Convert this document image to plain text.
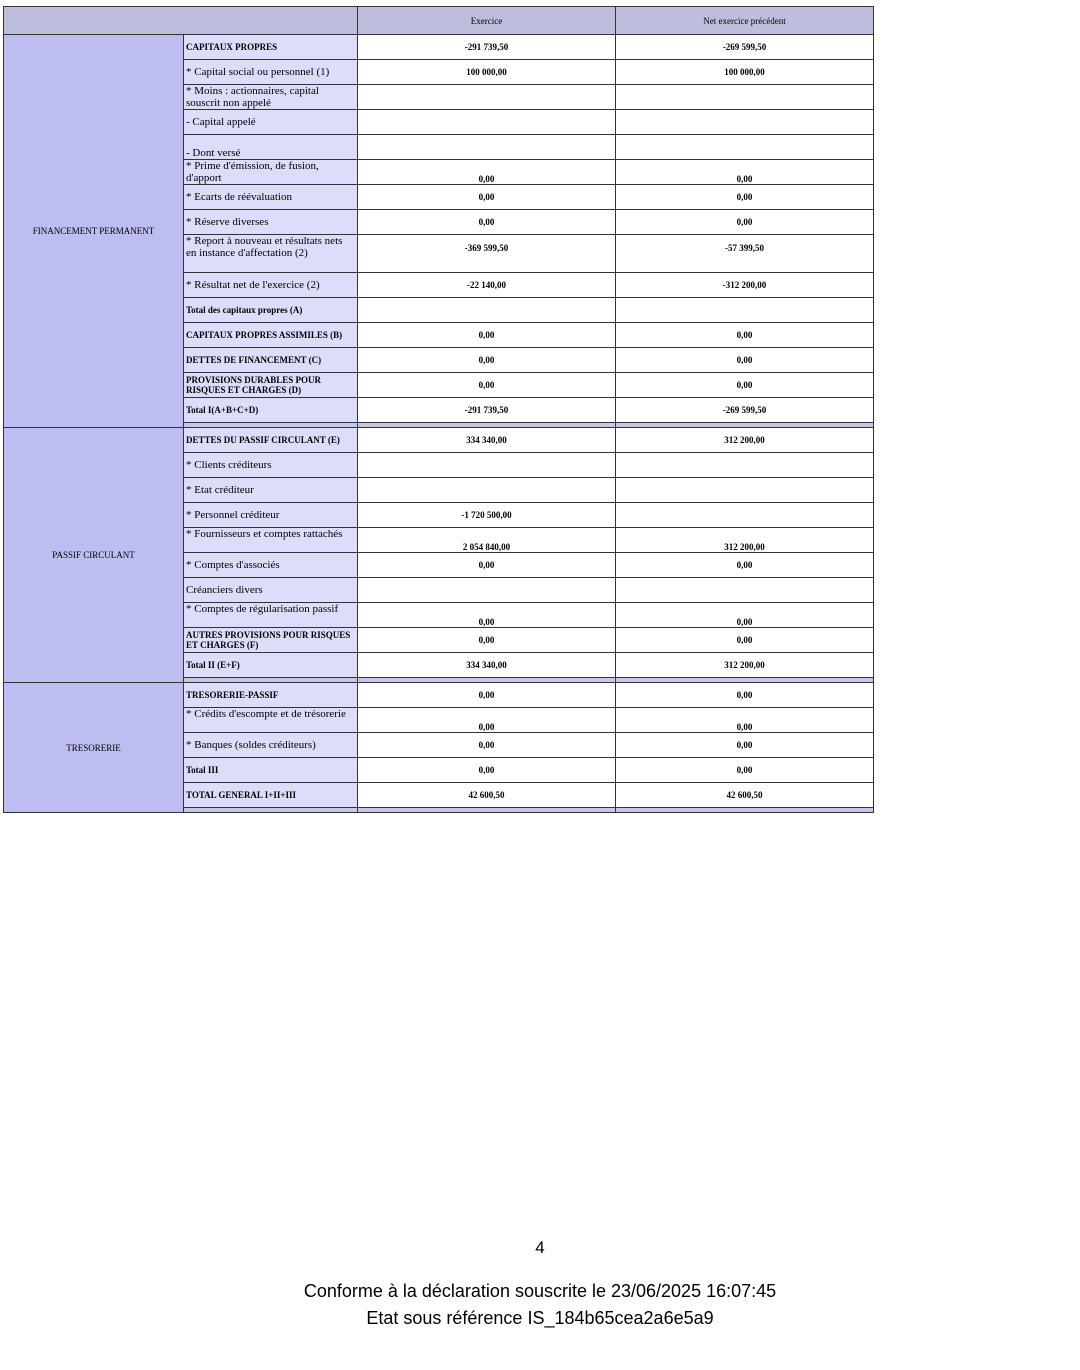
		Exercice	Net exercice précédent
FINANCEMENT PERMANENT	CAPITAUX PROPRES	-291 739,50	-269 599,50
	* Capital social ou personnel (1)	100 000,00	100 000,00
	* Moins : actionnaires, capital souscrit non appelé		
	- Capital appelé		
	- Dont versé		
	* Prime d'émission, de fusion, d'apport	0,00	0,00
	* Ecarts de réévaluation	0,00	0,00
	* Réserve diverses	0,00	0,00
	* Report à nouveau et résultats nets en instance d'affectation (2)	-369 599,50	-57 399,50
	* Résultat net de l'exercice (2)	-22 140,00	-312 200,00
	Total des capitaux propres (A)		
	CAPITAUX PROPRES ASSIMILES (B)	0,00	0,00
	DETTES DE FINANCEMENT (C)	0,00	0,00
	PROVISIONS DURABLES POUR RISQUES ET CHARGES (D)	0,00	0,00
	Total I(A+B+C+D)	-291 739,50	-269 599,50

PASSIF CIRCULANT	DETTES DU PASSIF CIRCULANT (E)	334 340,00	312 200,00
	* Clients créditeurs		
	* Etat créditeur		
	* Personnel créditeur	-1 720 500,00	
	* Fournisseurs et comptes rattachés	2 054 840,00	312 200,00
	* Comptes d'associés	0,00	0,00
	Créanciers divers		
	* Comptes de régularisation passif	0,00	0,00
	AUTRES PROVISIONS POUR RISQUES ET CHARGES (F)	0,00	0,00
	Total II (E+F)	334 340,00	312 200,00

TRESORERIE	TRESORERIE-PASSIF	0,00	0,00
	* Crédits d'escompte et de trésorerie	0,00	0,00
	* Banques (soldes créditeurs)	0,00	0,00
	Total III	0,00	0,00
	TOTAL GENERAL I+II+III	42 600,50	42 600,50

4
Conforme à la déclaration souscrite le 23/06/2025 16:07:45
Etat sous référence IS_184b65cea2a6e5a9
